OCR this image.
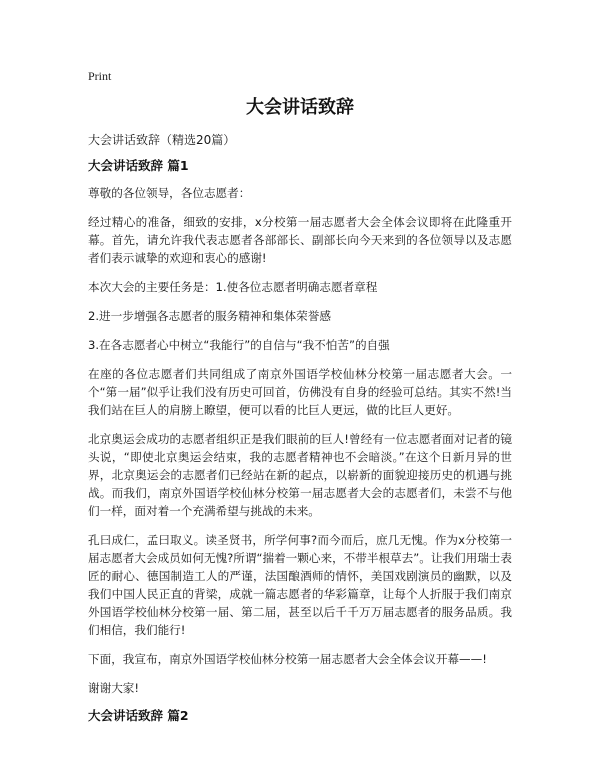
Print
大会讲话致辞
大会讲话致辞（精选20篇）
大会讲话致辞 篇1

尊敬的各位领导，各位志愿者：

经过精心的准备，细致的安排，x分校第一届志愿者大会全体会议即将在此隆重开幕。首先，请允许我代表志愿者各部部长、副部长向今天来到的各位领导以及志愿者们表示诚挚的欢迎和衷心的感谢!

本次大会的主要任务是：1.使各位志愿者明确志愿者章程

2.进一步增强各志愿者的服务精神和集体荣誉感

3.在各志愿者心中树立“我能行”的自信与“我不怕苦”的自强

在座的各位志愿者们共同组成了南京外国语学校仙林分校第一届志愿者大会。一个“第一届”似乎让我们没有历史可回首，仿佛没有自身的经验可总结。其实不然!当我们站在巨人的肩膀上瞭望，便可以看的比巨人更远，做的比巨人更好。

北京奥运会成功的志愿者组织正是我们眼前的巨人!曾经有一位志愿者面对记者的镜头说，“即使北京奥运会结束，我的志愿者精神也不会暗淡。”在这个日新月异的世界，北京奥运会的志愿者们已经站在新的起点，以崭新的面貌迎接历史的机遇与挑战。而我们，南京外国语学校仙林分校第一届志愿者大会的志愿者们，未尝不与他们一样，面对着一个充满希望与挑战的未来。

孔曰成仁，孟曰取义。读圣贤书，所学何事?而今而后，庶几无愧。作为x分校第一届志愿者大会成员如何无愧?所谓“揣着一颗心来，不带半根草去”。让我们用瑞士表匠的耐心、德国制造工人的严谨，法国酿酒师的情怀，美国戏剧演员的幽默，以及我们中国人民正直的背梁，成就一篇志愿者的华彩篇章，让每个人折服于我们南京外国语学校仙林分校第一届、第二届，甚至以后千千万万届志愿者的服务品质。我们相信，我们能行!

下面，我宣布，南京外国语学校仙林分校第一届志愿者大会全体会议开幕——!

谢谢大家!

大会讲话致辞 篇2
